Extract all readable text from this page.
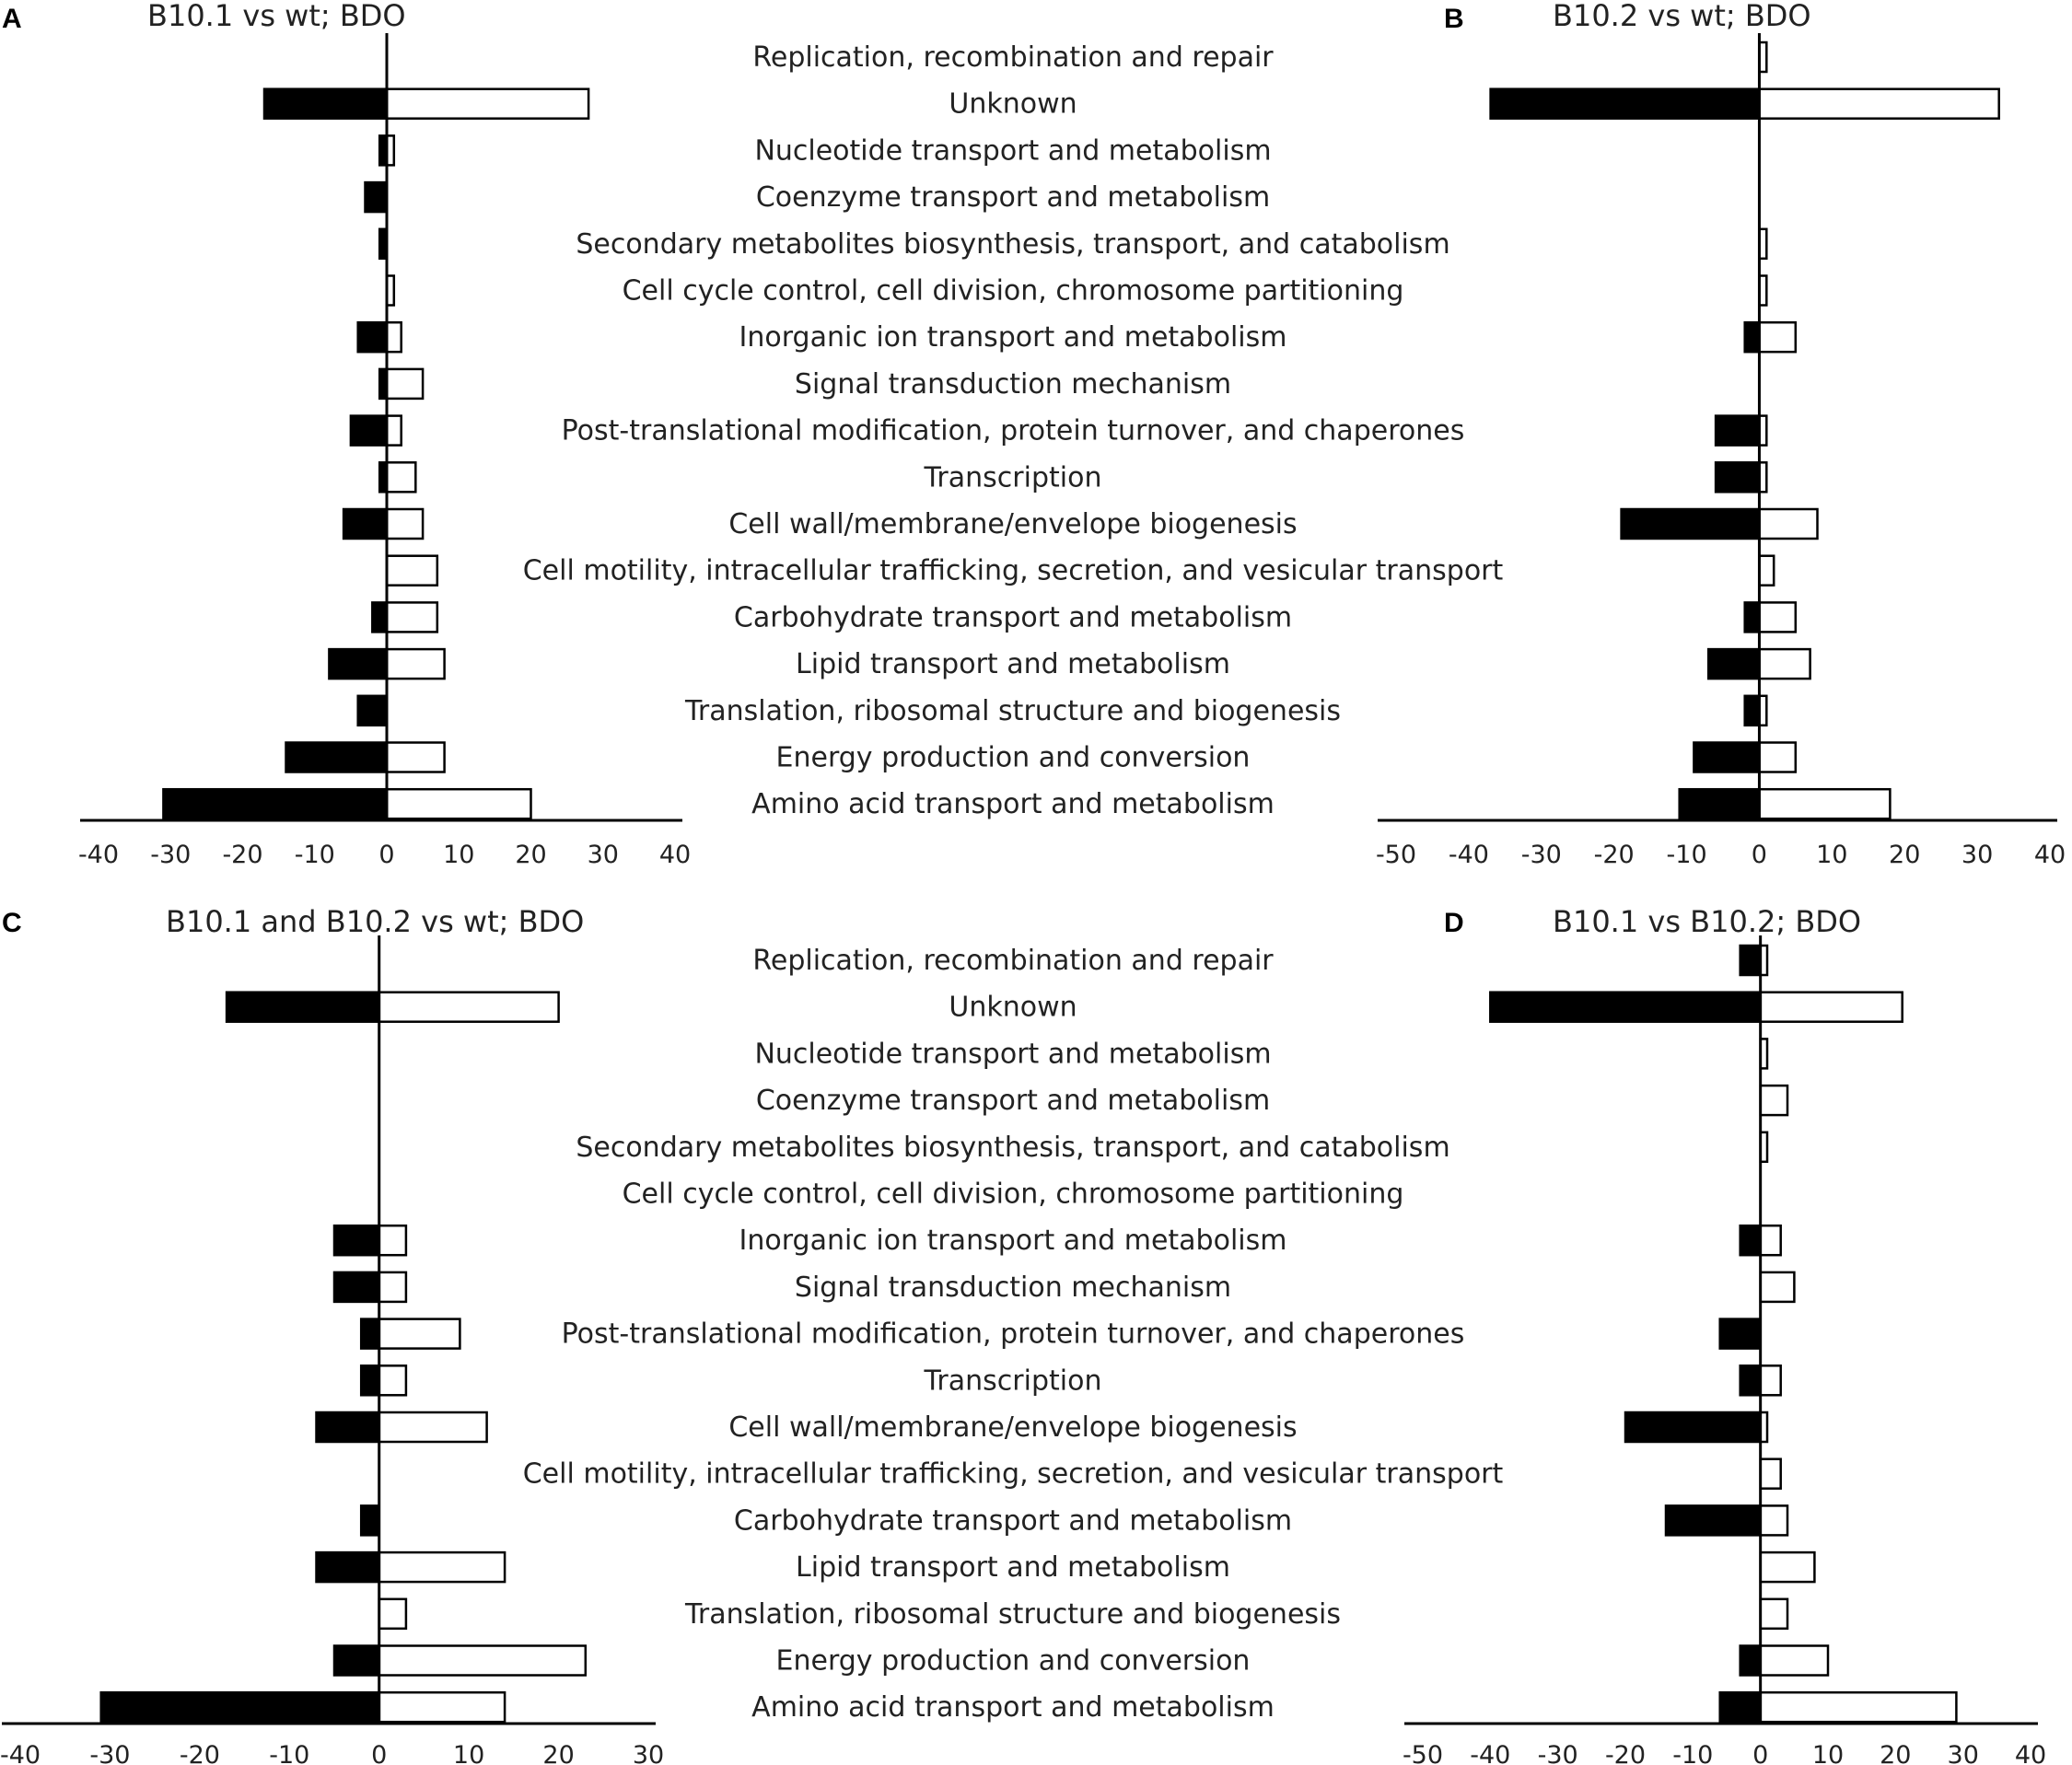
A	B10.1 vs wt; BDO
Replication, recombination and repair
Unknown
Nucleotide transport and metabolism
Coenzyme transport and metabolism
Secondary metabolites biosynthesis, transport, and catabolism
Cell cycle control, cell division, chromosome partitioning
Inorganic ion transport and metabolism
Signal transduction mechanism
Post-translational modification, protein turnover, and chaperones
Transcription
Cell wall/membrane/envelope biogenesis
Cell motility, intracellular trafficking, secretion, and vesicular transport
Carbohydrate transport and metabolism
Lipid transport and metabolism
Translation, ribosomal structure and biogenesis
Energy production and conversion
Amino acid transport and metabolism
-40 -30 -20 -10 0 10 20 30 40
B	B10.2 vs wt; BDO
-50 -40 -30 -20 -10 0 10 20 30 40
C	B10.1 and B10.2 vs wt; BDO
Replication, recombination and repair
Unknown
Nucleotide transport and metabolism
Coenzyme transport and metabolism
Secondary metabolites biosynthesis, transport, and catabolism
Cell cycle control, cell division, chromosome partitioning
Inorganic ion transport and metabolism
Signal transduction mechanism
Post-translational modification, protein turnover, and chaperones
Transcription
Cell wall/membrane/envelope biogenesis
Cell motility, intracellular trafficking, secretion, and vesicular transport
Carbohydrate transport and metabolism
Lipid transport and metabolism
Translation, ribosomal structure and biogenesis
Energy production and conversion
Amino acid transport and metabolism
-40 -30 -20 -10 0	10 20 30
D	B10.1 vs B10.2; BDO
-50 -40 -30 -20 -10 0 10 20 30 40
